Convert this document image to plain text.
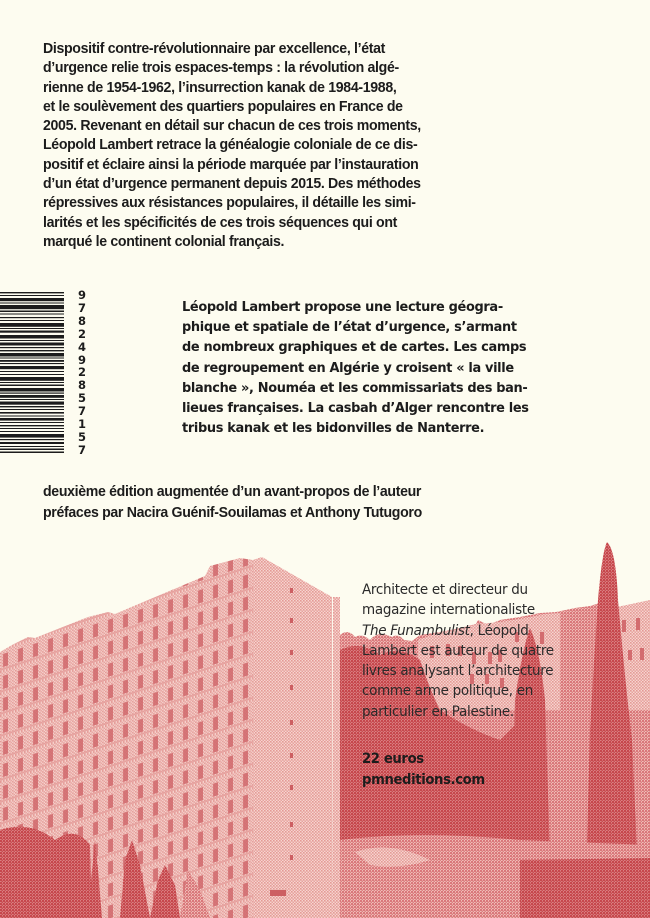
Dispositif contre-révolutionnaire par excellence, l’état
d’urgence relie trois espaces-temps : la révolution algé-
rienne de 1954-1962, l’insurrection kanak de 1984-1988,
et le soulèvement des quartiers populaires en France de
2005. Revenant en détail sur chacun de ces trois moments,
Léopold Lambert retrace la généalogie coloniale de ce dis-
positif et éclaire ainsi la période marquée par l’instauration
d’un état d’urgence permanent depuis 2015. Des méthodes
répressives aux résistances populaires, il détaille les simi-
larités et les spécificités de ces trois séquences qui ont
marqué le continent colonial français.
9
7
8
2
4
9
2
8
5
7
1
5
7
Léopold Lambert propose une lecture géogra-
phique et spatiale de l’état d’urgence, s’armant
de nombreux graphiques et de cartes. Les camps
de regroupement en Algérie y croisent « la ville
blanche », Nouméa et les commissariats des ban-
lieues françaises. La casbah d’Alger rencontre les
tribus kanak et les bidonvilles de Nanterre.
deuxième édition augmentée d’un avant-propos de l’auteur
préfaces par Nacira Guénif-Souilamas et Anthony Tutugoro
Architecte et directeur du
magazine internationaliste
The Funambulist, Léopold
Lambert est auteur de quatre
livres analysant l’architecture
comme arme politique, en
particulier en Palestine.
22 euros
pmneditions.com
